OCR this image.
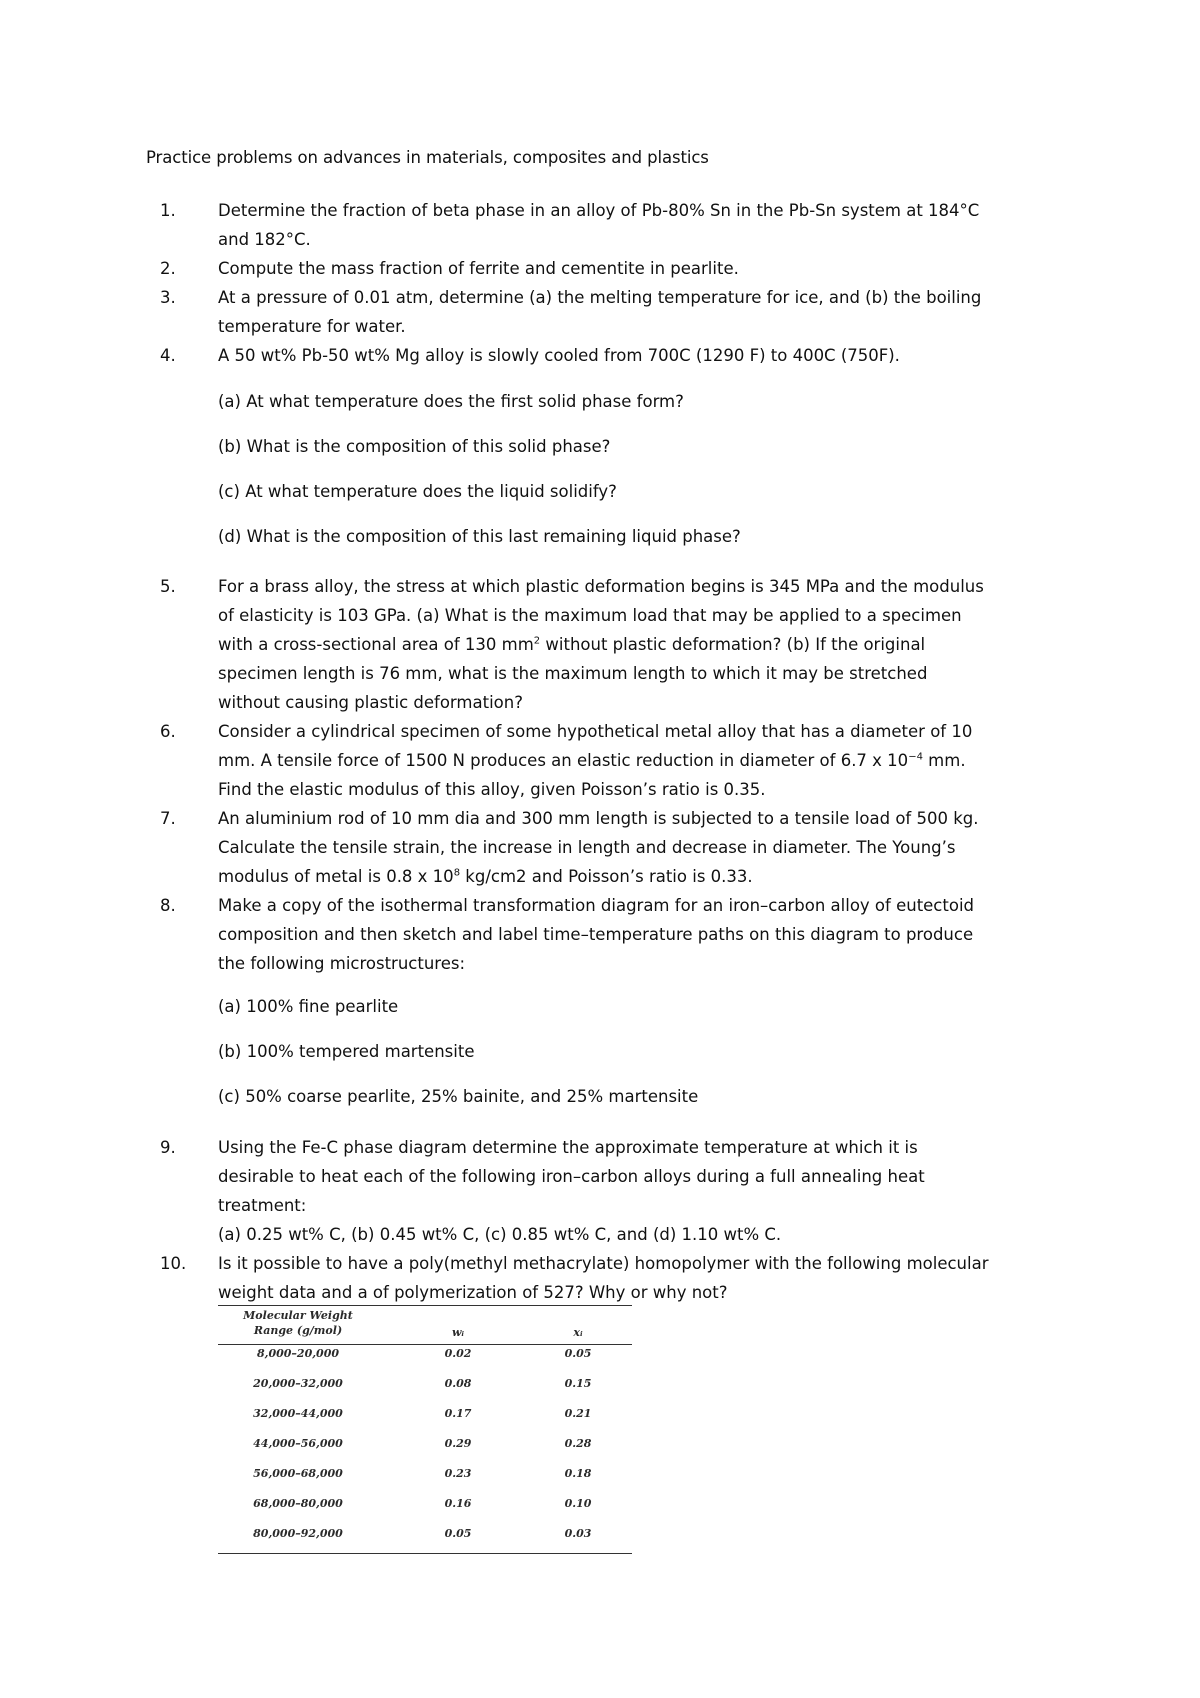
Practice problems on advances in materials, composites and plastics
1.	Determine the fraction of beta phase in an alloy of Pb-80% Sn in the Pb-Sn system at 184°C
and 182°C.
2.	Compute the mass fraction of ferrite and cementite in pearlite.
3.	At a pressure of 0.01 atm, determine (a) the melting temperature for ice, and (b) the boiling
temperature for water.
4.	A 50 wt% Pb-50 wt% Mg alloy is slowly cooled from 700C (1290 F) to 400C (750F).
(a) At what temperature does the first solid phase form?
(b) What is the composition of this solid phase?
(c) At what temperature does the liquid solidify?
(d) What is the composition of this last remaining liquid phase?
5.	For a brass alloy, the stress at which plastic deformation begins is 345 MPa and the modulus
of elasticity is 103 GPa. (a) What is the maximum load that may be applied to a specimen
with a cross-sectional area of 130 $mm^2$ without plastic deformation? (b) If the original
specimen length is 76 mm, what is the maximum length to which it may be stretched
without causing plastic deformation?
6.	Consider a cylindrical specimen of some hypothetical metal alloy that has a diameter of 10
mm. A tensile force of 1500 N produces an elastic reduction in diameter of 6.7 x $10^{-4}$ mm.
Find the elastic modulus of this alloy, given Poisson’s ratio is 0.35.
7.	An aluminium rod of 10 mm dia and 300 mm length is subjected to a tensile load of 500 kg.
Calculate the tensile strain, the increase in length and decrease in diameter. The Young’s
modulus of metal is 0.8 x $10^8$ kg/cm2 and Poisson’s ratio is 0.33.
8.	Make a copy of the isothermal transformation diagram for an iron–carbon alloy of eutectoid
composition and then sketch and label time–temperature paths on this diagram to produce
the following microstructures:
(a) 100% fine pearlite
(b) 100% tempered martensite
(c) 50% coarse pearlite, 25% bainite, and 25% martensite
9.	Using the Fe-C phase diagram determine the approximate temperature at which it is
desirable to heat each of the following iron–carbon alloys during a full annealing heat
treatment:
(a) 0.25 wt% C, (b) 0.45 wt% C, (c) 0.85 wt% C, and (d) 1.10 wt% C.
10.	Is it possible to have a poly(methyl methacrylate) homopolymer with the following molecular
weight data and a of polymerization of 527? Why or why not?
Molecular Weight
Range (g/mol)	wᵢ	xᵢ
8,000–20,000	0.02	0.05
20,000–32,000	0.08	0.15
32,000–44,000	0.17	0.21
44,000–56,000	0.29	0.28
56,000–68,000	0.23	0.18
68,000–80,000	0.16	0.10
80,000–92,000	0.05	0.03
